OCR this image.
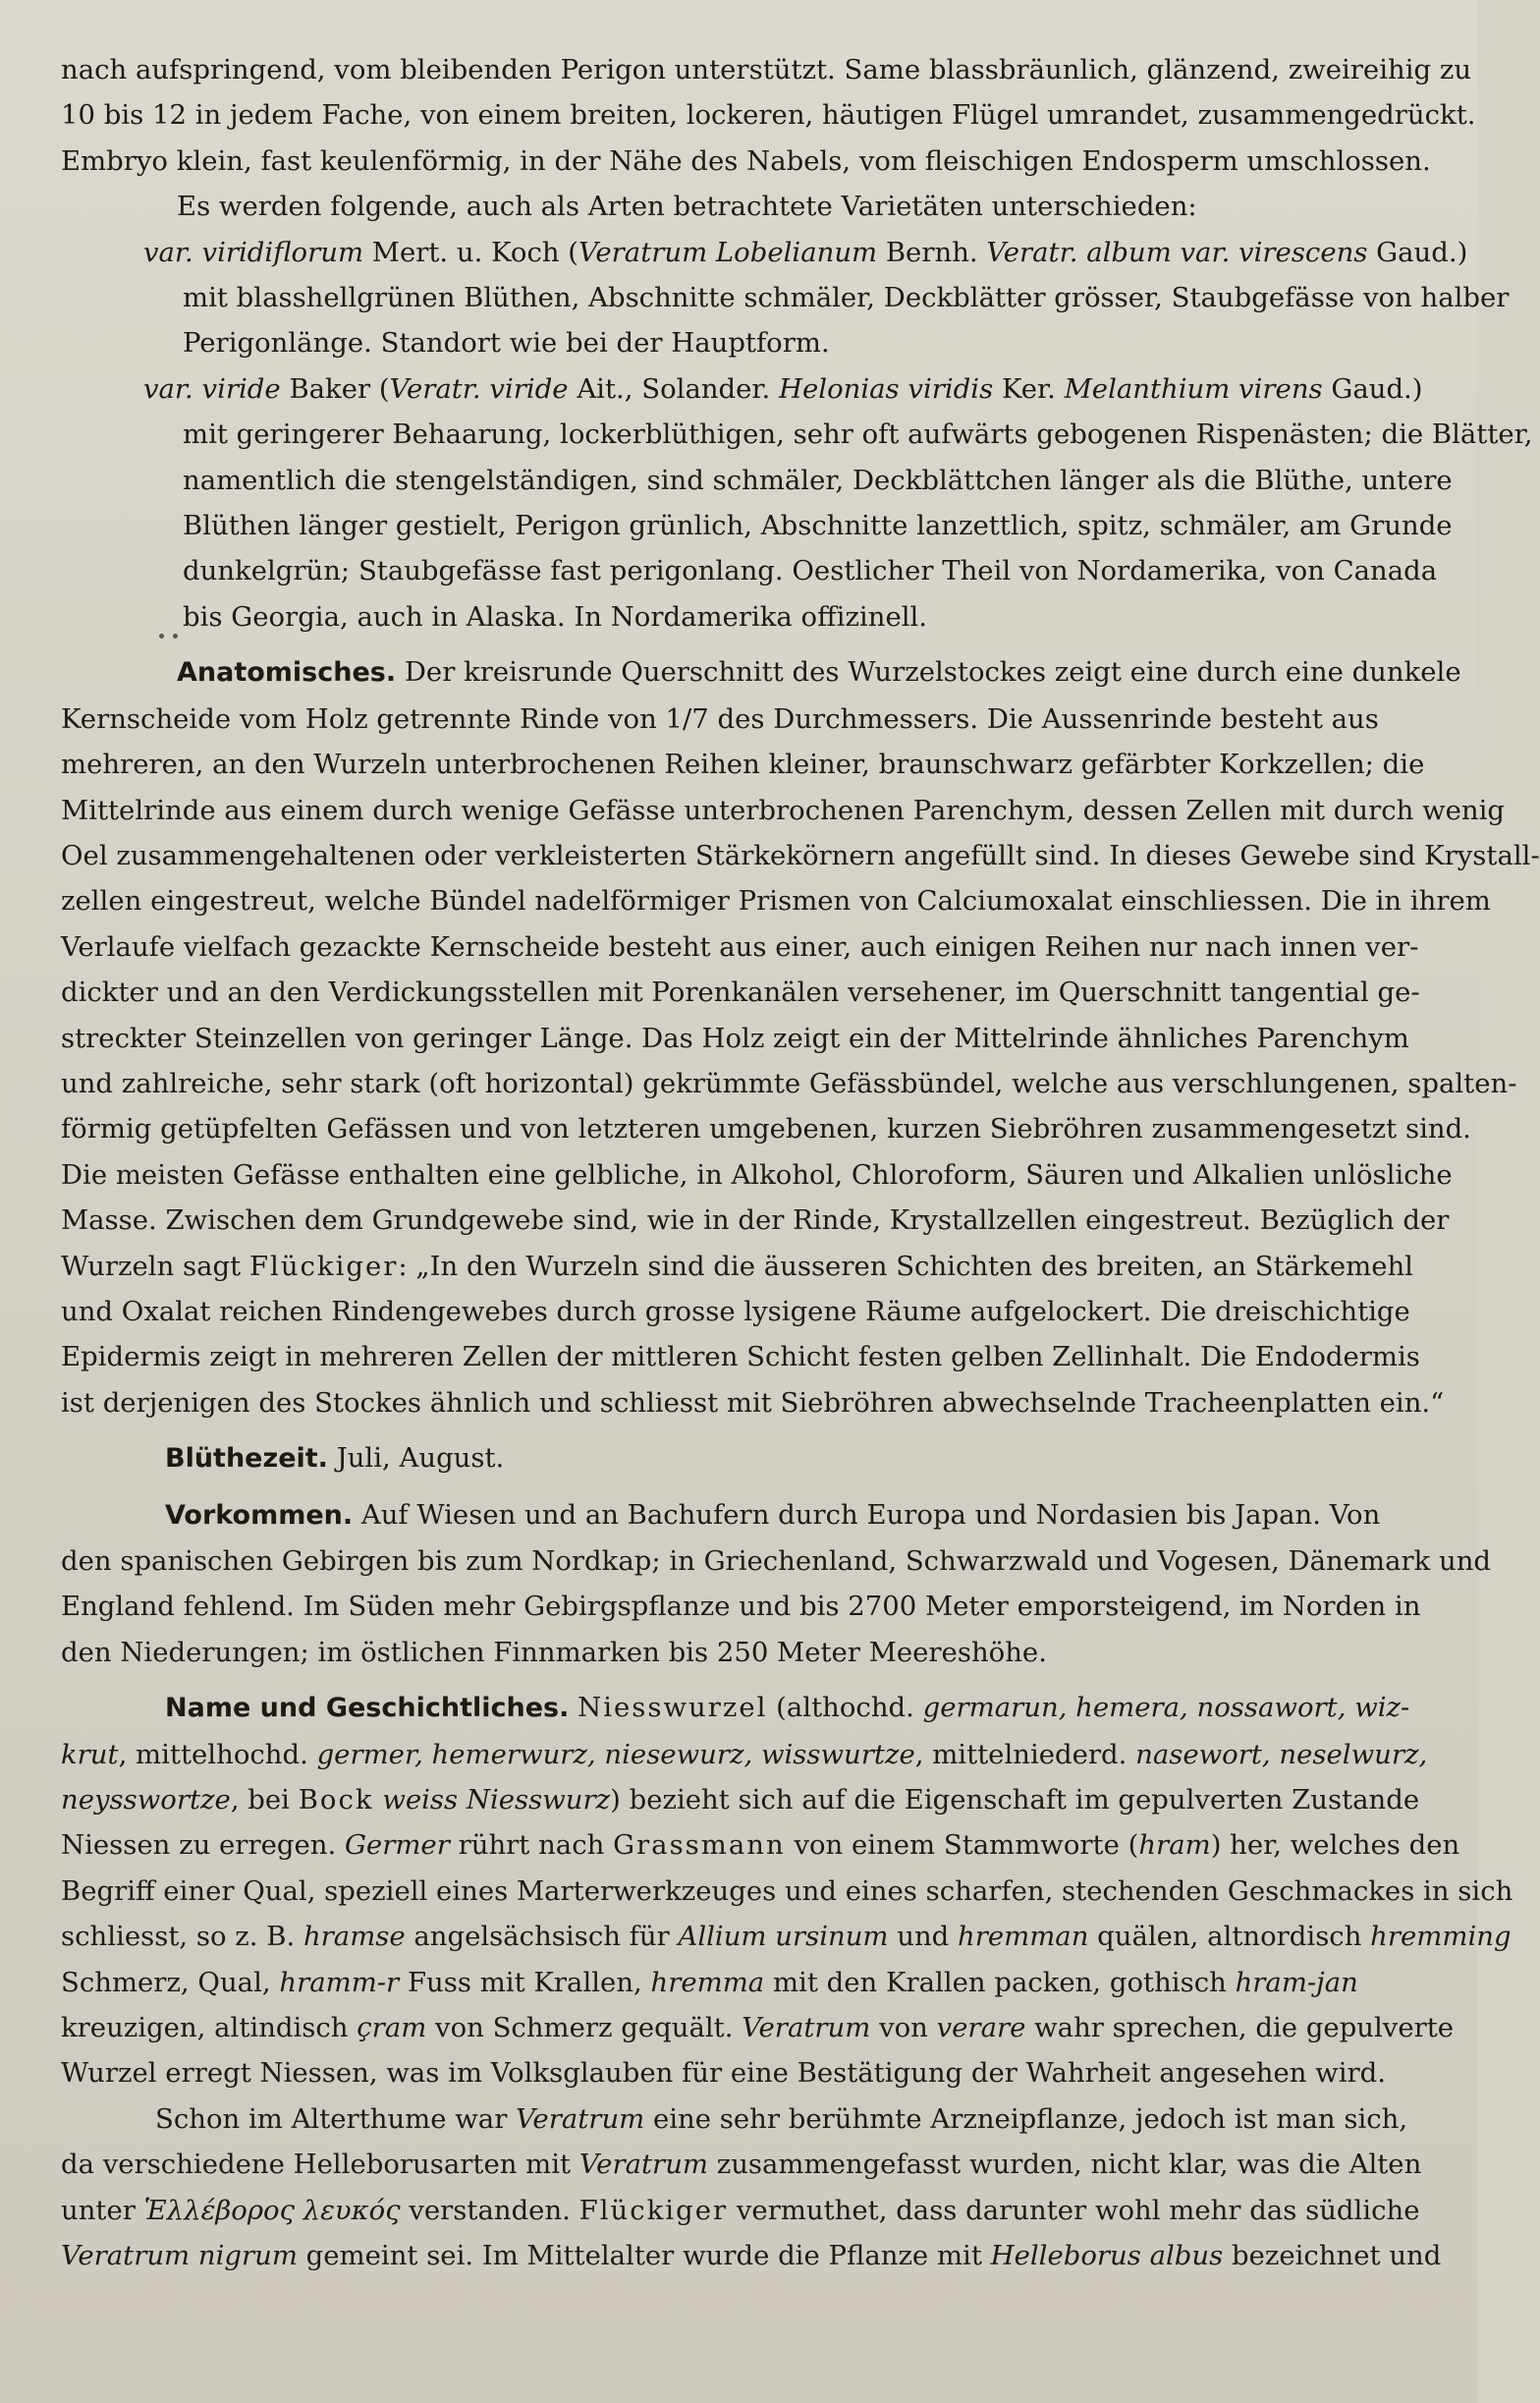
nach aufspringend, vom bleibenden Perigon unterstützt. Same blassbräunlich, glänzend, zweireihig zu
10 bis 12 in jedem Fache, von einem breiten, lockeren, häutigen Flügel umrandet, zusammengedrückt.
Embryo klein, fast keulenförmig, in der Nähe des Nabels, vom fleischigen Endosperm umschlossen.
Es werden folgende, auch als Arten betrachtete Varietäten unterschieden:
var. viridiflorum Mert. u. Koch (Veratrum Lobelianum Bernh. Veratr. album var. virescens Gaud.)
mit blasshellgrünen Blüthen, Abschnitte schmäler, Deckblätter grösser, Staubgefässe von halber
Perigonlänge. Standort wie bei der Hauptform.
var. viride Baker (Veratr. viride Ait., Solander. Helonias viridis Ker. Melanthium virens Gaud.)
mit geringerer Behaarung, lockerblüthigen, sehr oft aufwärts gebogenen Rispenästen; die Blätter,
namentlich die stengelständigen, sind schmäler, Deckblättchen länger als die Blüthe, untere
Blüthen länger gestielt, Perigon grünlich, Abschnitte lanzettlich, spitz, schmäler, am Grunde
dunkelgrün; Staubgefässe fast perigonlang. Oestlicher Theil von Nordamerika, von Canada
bis Georgia, auch in Alaska. In Nordamerika offizinell.
Anatomisches. Der kreisrunde Querschnitt des Wurzelstockes zeigt eine durch eine dunkele
Kernscheide vom Holz getrennte Rinde von 1/7 des Durchmessers. Die Aussenrinde besteht aus
mehreren, an den Wurzeln unterbrochenen Reihen kleiner, braunschwarz gefärbter Korkzellen; die
Mittelrinde aus einem durch wenige Gefässe unterbrochenen Parenchym, dessen Zellen mit durch wenig
Oel zusammengehaltenen oder verkleisterten Stärkekörnern angefüllt sind. In dieses Gewebe sind Krystall-
zellen eingestreut, welche Bündel nadelförmiger Prismen von Calciumoxalat einschliessen. Die in ihrem
Verlaufe vielfach gezackte Kernscheide besteht aus einer, auch einigen Reihen nur nach innen ver-
dickter und an den Verdickungsstellen mit Porenkanälen versehener, im Querschnitt tangential ge-
streckter Steinzellen von geringer Länge. Das Holz zeigt ein der Mittelrinde ähnliches Parenchym
und zahlreiche, sehr stark (oft horizontal) gekrümmte Gefässbündel, welche aus verschlungenen, spalten-
förmig getüpfelten Gefässen und von letzteren umgebenen, kurzen Siebröhren zusammengesetzt sind.
Die meisten Gefässe enthalten eine gelbliche, in Alkohol, Chloroform, Säuren und Alkalien unlösliche
Masse. Zwischen dem Grundgewebe sind, wie in der Rinde, Krystallzellen eingestreut. Bezüglich der
Wurzeln sagt Flückiger: „In den Wurzeln sind die äusseren Schichten des breiten, an Stärkemehl
und Oxalat reichen Rindengewebes durch grosse lysigene Räume aufgelockert. Die dreischichtige
Epidermis zeigt in mehreren Zellen der mittleren Schicht festen gelben Zellinhalt. Die Endodermis
ist derjenigen des Stockes ähnlich und schliesst mit Siebröhren abwechselnde Tracheenplatten ein.“
Blüthezeit. Juli, August.
Vorkommen. Auf Wiesen und an Bachufern durch Europa und Nordasien bis Japan. Von
den spanischen Gebirgen bis zum Nordkap; in Griechenland, Schwarzwald und Vogesen, Dänemark und
England fehlend. Im Süden mehr Gebirgspflanze und bis 2700 Meter emporsteigend, im Norden in
den Niederungen; im östlichen Finnmarken bis 250 Meter Meereshöhe.
Name und Geschichtliches. Niesswurzel (althochd. germarun, hemera, nossawort, wiz-
krut, mittelhochd. germer, hemerwurz, niesewurz, wisswurtze, mittelniederd. nasewort, neselwurz,
neysswortze, bei Bock weiss Niesswurz) bezieht sich auf die Eigenschaft im gepulverten Zustande
Niessen zu erregen. Germer rührt nach Grassmann von einem Stammworte (hram) her, welches den
Begriff einer Qual, speziell eines Marterwerkzeuges und eines scharfen, stechenden Geschmackes in sich
schliesst, so z. B. hramse angelsächsisch für Allium ursinum und hremman quälen, altnordisch hremming
Schmerz, Qual, hramm-r Fuss mit Krallen, hremma mit den Krallen packen, gothisch hram-jan
kreuzigen, altindisch çram von Schmerz gequält. Veratrum von verare wahr sprechen, die gepulverte
Wurzel erregt Niessen, was im Volksglauben für eine Bestätigung der Wahrheit angesehen wird.
Schon im Alterthume war Veratrum eine sehr berühmte Arzneipflanze, jedoch ist man sich,
da verschiedene Helleborusarten mit Veratrum zusammengefasst wurden, nicht klar, was die Alten
unter Ἑλλέβορος λευκός verstanden. Flückiger vermuthet, dass darunter wohl mehr das südliche
Veratrum nigrum gemeint sei. Im Mittelalter wurde die Pflanze mit Helleborus albus bezeichnet und
